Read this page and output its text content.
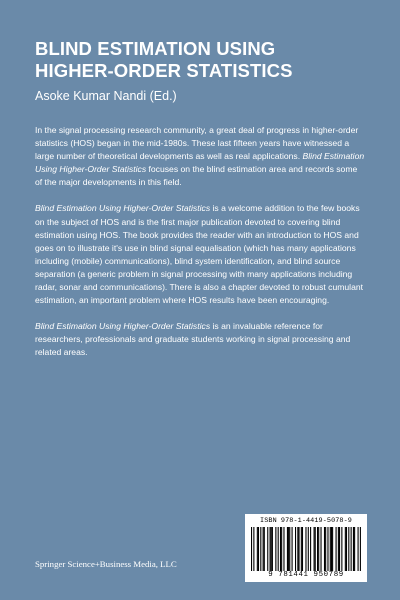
BLIND ESTIMATION USING
HIGHER-ORDER STATISTICS

Asoke Kumar Nandi (Ed.)

In the signal processing research community, a great deal of progress in higher-order statistics (HOS) began in the mid-1980s. These last fifteen years have witnessed a large number of theoretical developments as well as real applications. Blind Estimation Using Higher-Order Statistics focuses on the blind estimation area and records some of the major developments in this field.

Blind Estimation Using Higher-Order Statistics is a welcome addition to the few books on the subject of HOS and is the first major publication devoted to covering blind estimation using HOS. The book provides the reader with an introduction to HOS and goes on to illustrate it's use in blind signal equalisation (which has many applications including (mobile) communications), blind system identification, and blind source separation (a generic problem in signal processing with many applications including radar, sonar and communications). There is also a chapter devoted to robust cumulant estimation, an important problem where HOS results have been encouraging.

Blind Estimation Using Higher-Order Statistics is an invaluable reference for researchers, professionals and graduate students working in signal processing and related areas.

Springer Science+Business Media, LLC
ISBN 978-1-4419-5078-9
9 781441 950789
